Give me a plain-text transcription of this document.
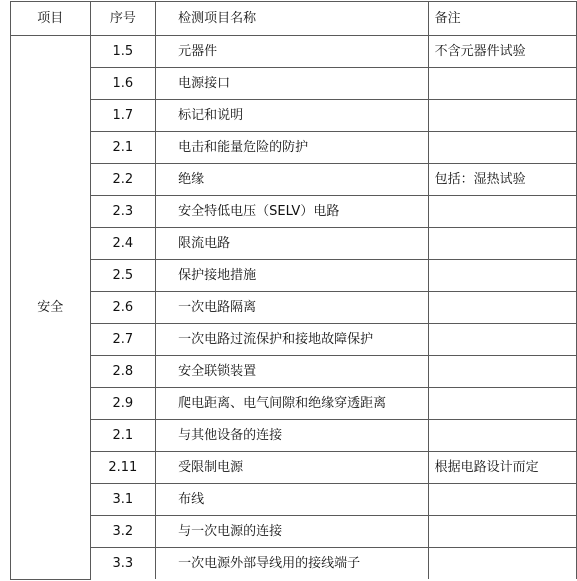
项目	序号	检测项目名称	备注
安全	1.5	元器件	不含元器件试验
	1.6	电源接口	
	1.7	标记和说明	
	2.1	电击和能量危险的防护	
	2.2	绝缘	包括：湿热试验
	2.3	安全特低电压（SELV）电路	
	2.4	限流电路	
	2.5	保护接地措施	
	2.6	一次电路隔离	
	2.7	一次电路过流保护和接地故障保护	
	2.8	安全联锁装置	
	2.9	爬电距离、电气间隙和绝缘穿透距离	
	2.1	与其他设备的连接	
	2.11	受限制电源	根据电路设计而定
	3.1	布线	
	3.2	与一次电源的连接	
	3.3	一次电源外部导线用的接线端子	
